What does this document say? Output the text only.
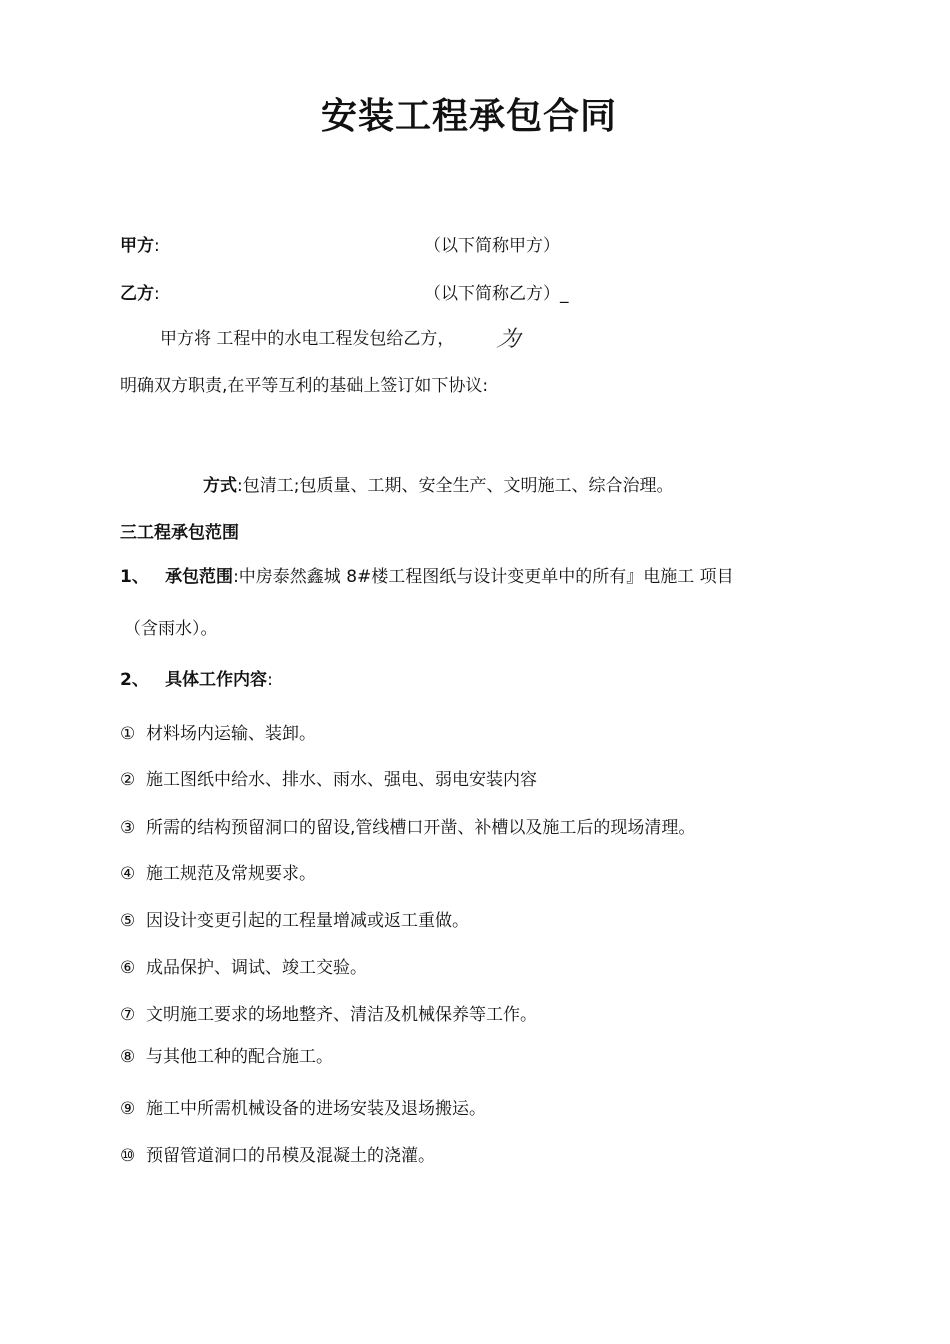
安装工程承包合同
甲方:	（以下简称甲方）
乙方:	（以下简称乙方）_
甲方将 工程中的水电工程发包给乙方， 为
明确双方职责,在平等互利的基础上签订如下协议:
方式:包清工;包质量、工期、安全生产、文明施工、综合治理。
三工程承包范围
1、 承包范围:中房泰然鑫城 8#楼工程图纸与设计变更单中的所有』电施工 项目
（含雨水）。
2、 具体工作内容:
① 材料场内运输、装卸。
② 施工图纸中给水、排水、雨水、强电、弱电安装内容
③ 所需的结构预留洞口的留设,管线槽口开凿、补槽以及施工后的现场清理。
④ 施工规范及常规要求。
⑤ 因设计变更引起的工程量增减或返工重做。
⑥ 成品保护、调试、竣工交验。
⑦ 文明施工要求的场地整齐、清洁及机械保养等工作。
⑧ 与其他工种的配合施工。
⑨ 施工中所需机械设备的进场安装及退场搬运。
⑩ 预留管道洞口的吊模及混凝土的浇灌。
